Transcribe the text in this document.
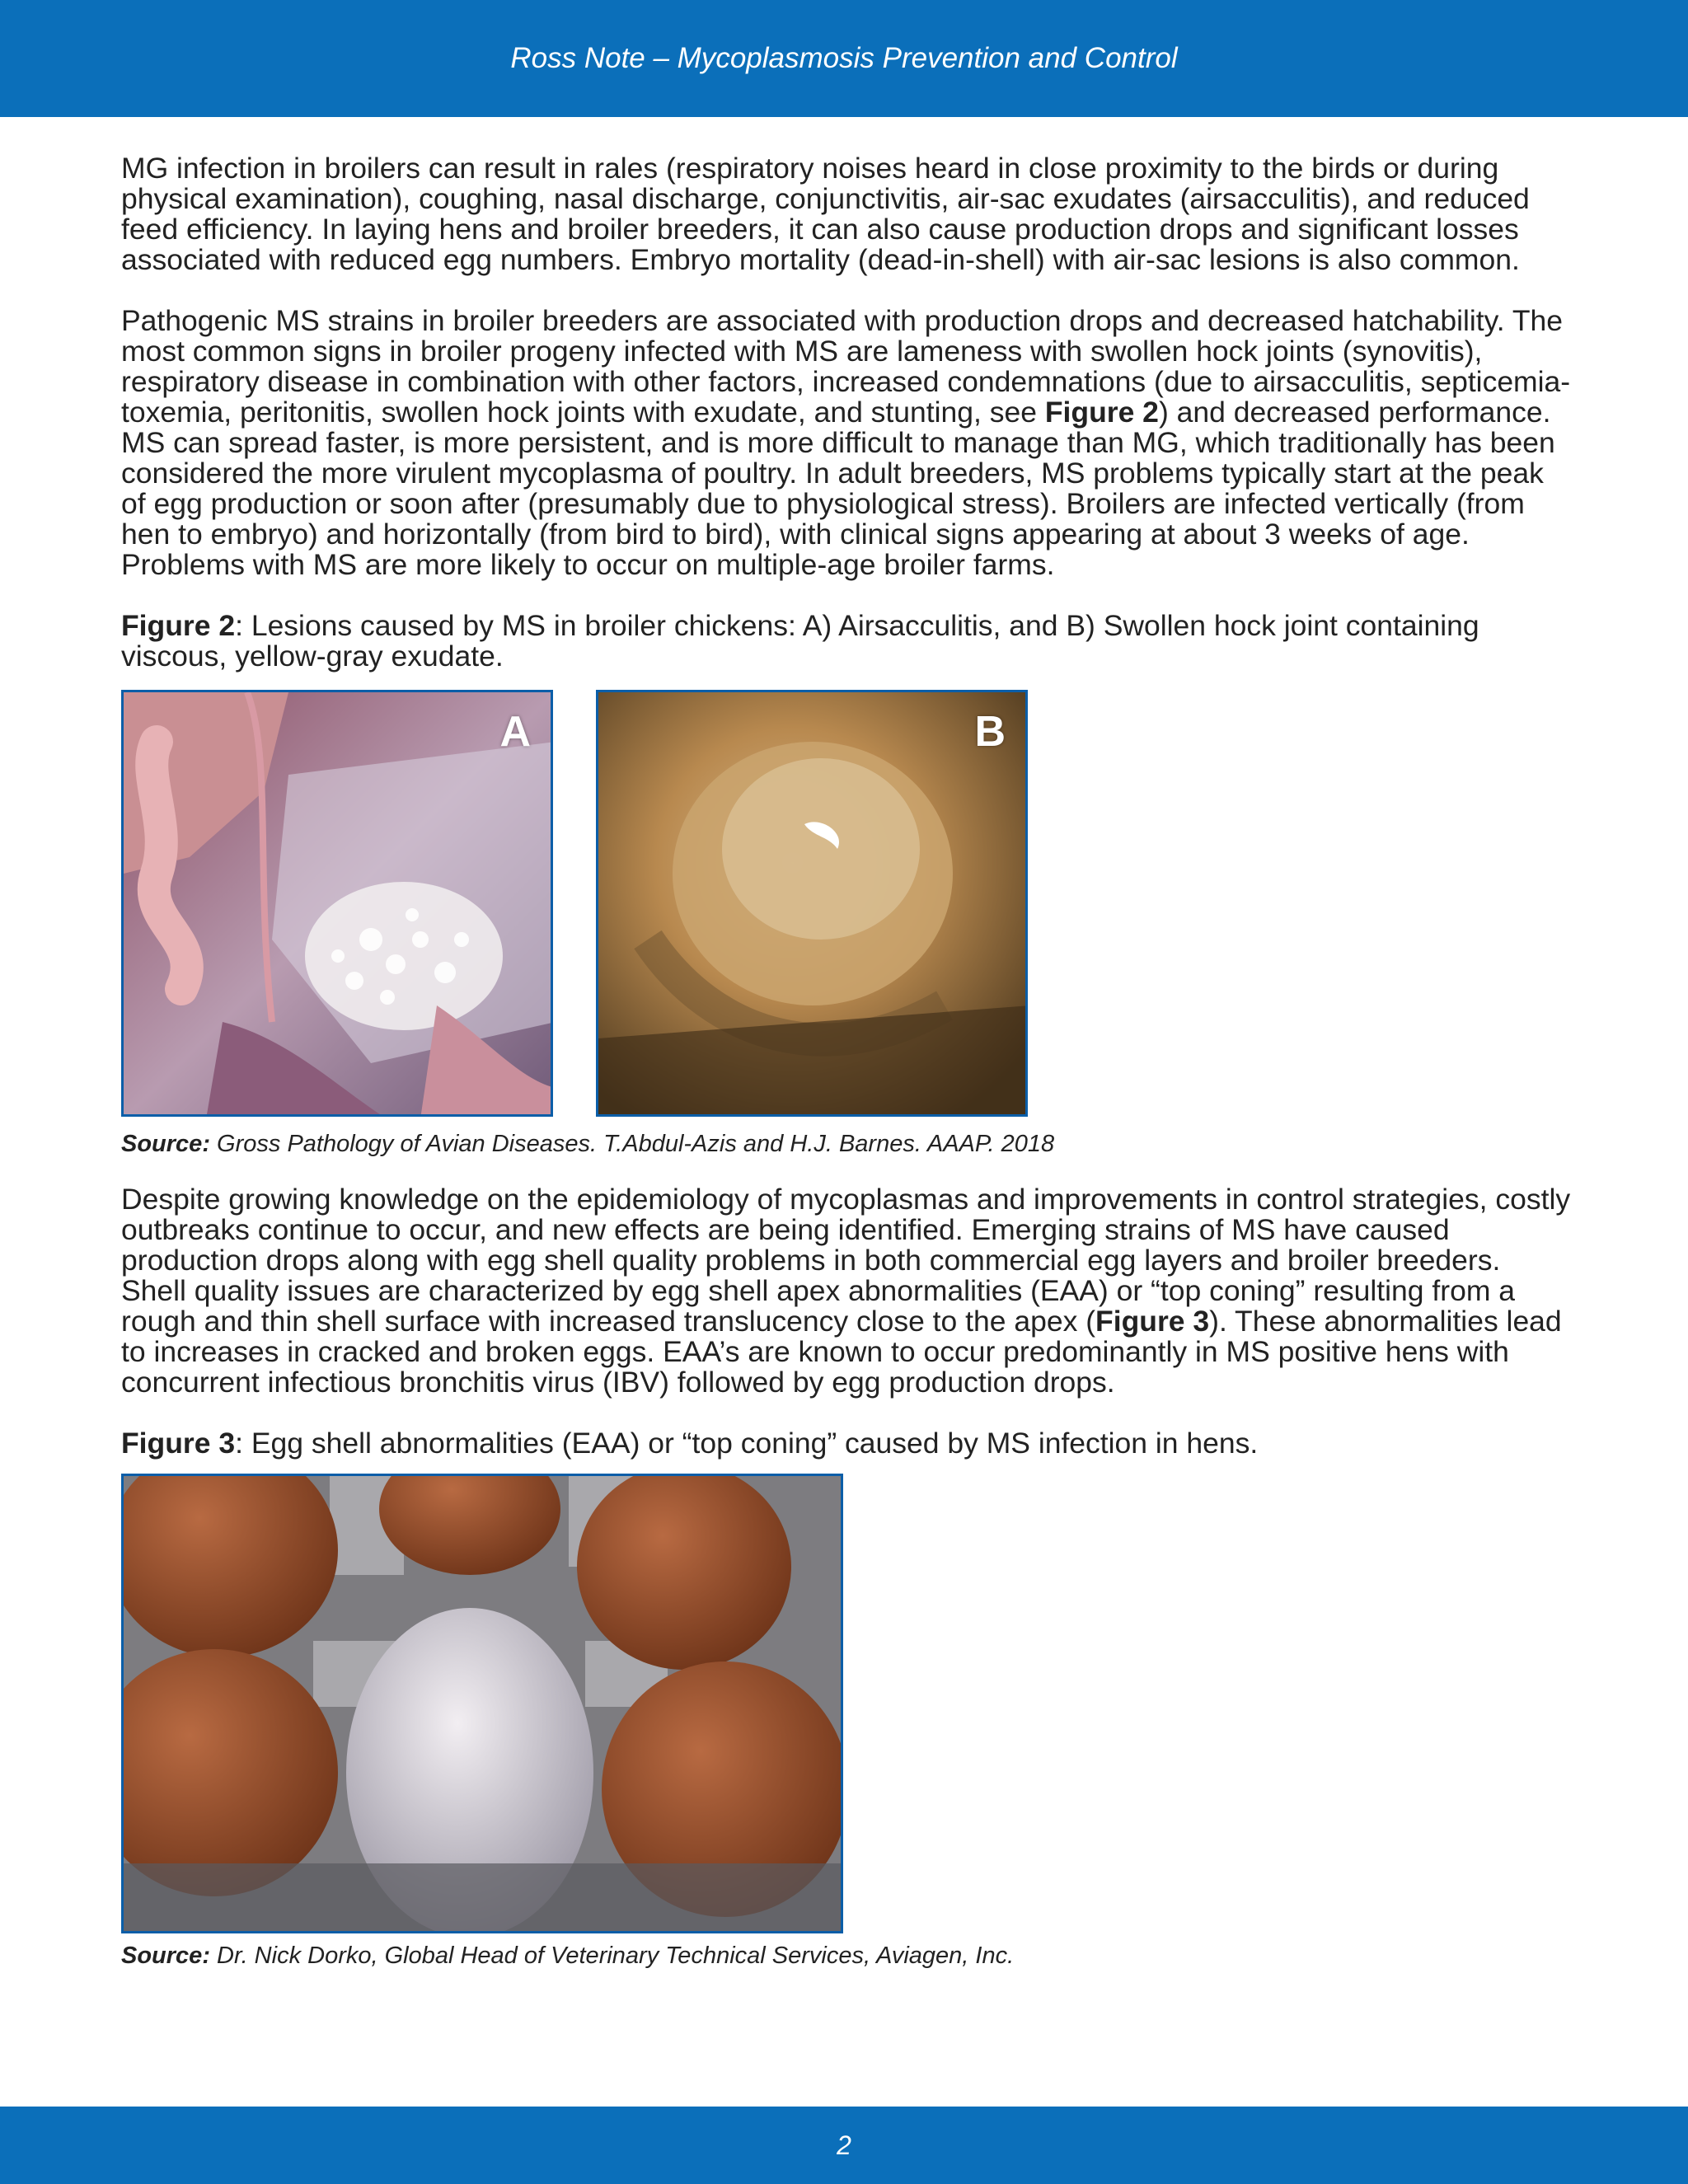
Ross Note – Mycoplasmosis Prevention and Control

MG infection in broilers can result in rales (respiratory noises heard in close proximity to the birds or during physical examination), coughing, nasal discharge, conjunctivitis, air-sac exudates (airsacculitis), and reduced feed efficiency. In laying hens and broiler breeders, it can also cause production drops and significant losses associated with reduced egg numbers. Embryo mortality (dead-in-shell) with air-sac lesions is also common.

Pathogenic MS strains in broiler breeders are associated with production drops and decreased hatchability. The most common signs in broiler progeny infected with MS are lameness with swollen hock joints (synovitis), respiratory disease in combination with other factors, increased condemnations (due to airsacculitis, septicemia-toxemia, peritonitis, swollen hock joints with exudate, and stunting, see Figure 2) and decreased performance. MS can spread faster, is more persistent, and is more difficult to manage than MG, which traditionally has been considered the more virulent mycoplasma of poultry. In adult breeders, MS problems typically start at the peak of egg production or soon after (presumably due to physiological stress). Broilers are infected vertically (from hen to embryo) and horizontally (from bird to bird), with clinical signs appearing at about 3 weeks of age. Problems with MS are more likely to occur on multiple-age broiler farms.

Figure 2: Lesions caused by MS in broiler chickens: A) Airsacculitis, and B) Swollen hock joint containing viscous, yellow-gray exudate.

A	B
Source: Gross Pathology of Avian Diseases. T.Abdul-Azis and H.J. Barnes. AAAP. 2018

Despite growing knowledge on the epidemiology of mycoplasmas and improvements in control strategies, costly outbreaks continue to occur, and new effects are being identified. Emerging strains of MS have caused production drops along with egg shell quality problems in both commercial egg layers and broiler breeders. Shell quality issues are characterized by egg shell apex abnormalities (EAA) or “top coning” resulting from a rough and thin shell surface with increased translucency close to the apex (Figure 3). These abnormalities lead to increases in cracked and broken eggs. EAA’s are known to occur predominantly in MS positive hens with concurrent infectious bronchitis virus (IBV) followed by egg production drops.

Figure 3: Egg shell abnormalities (EAA) or “top coning” caused by MS infection in hens.

Source: Dr. Nick Dorko, Global Head of Veterinary Technical Services, Aviagen, Inc.
2
